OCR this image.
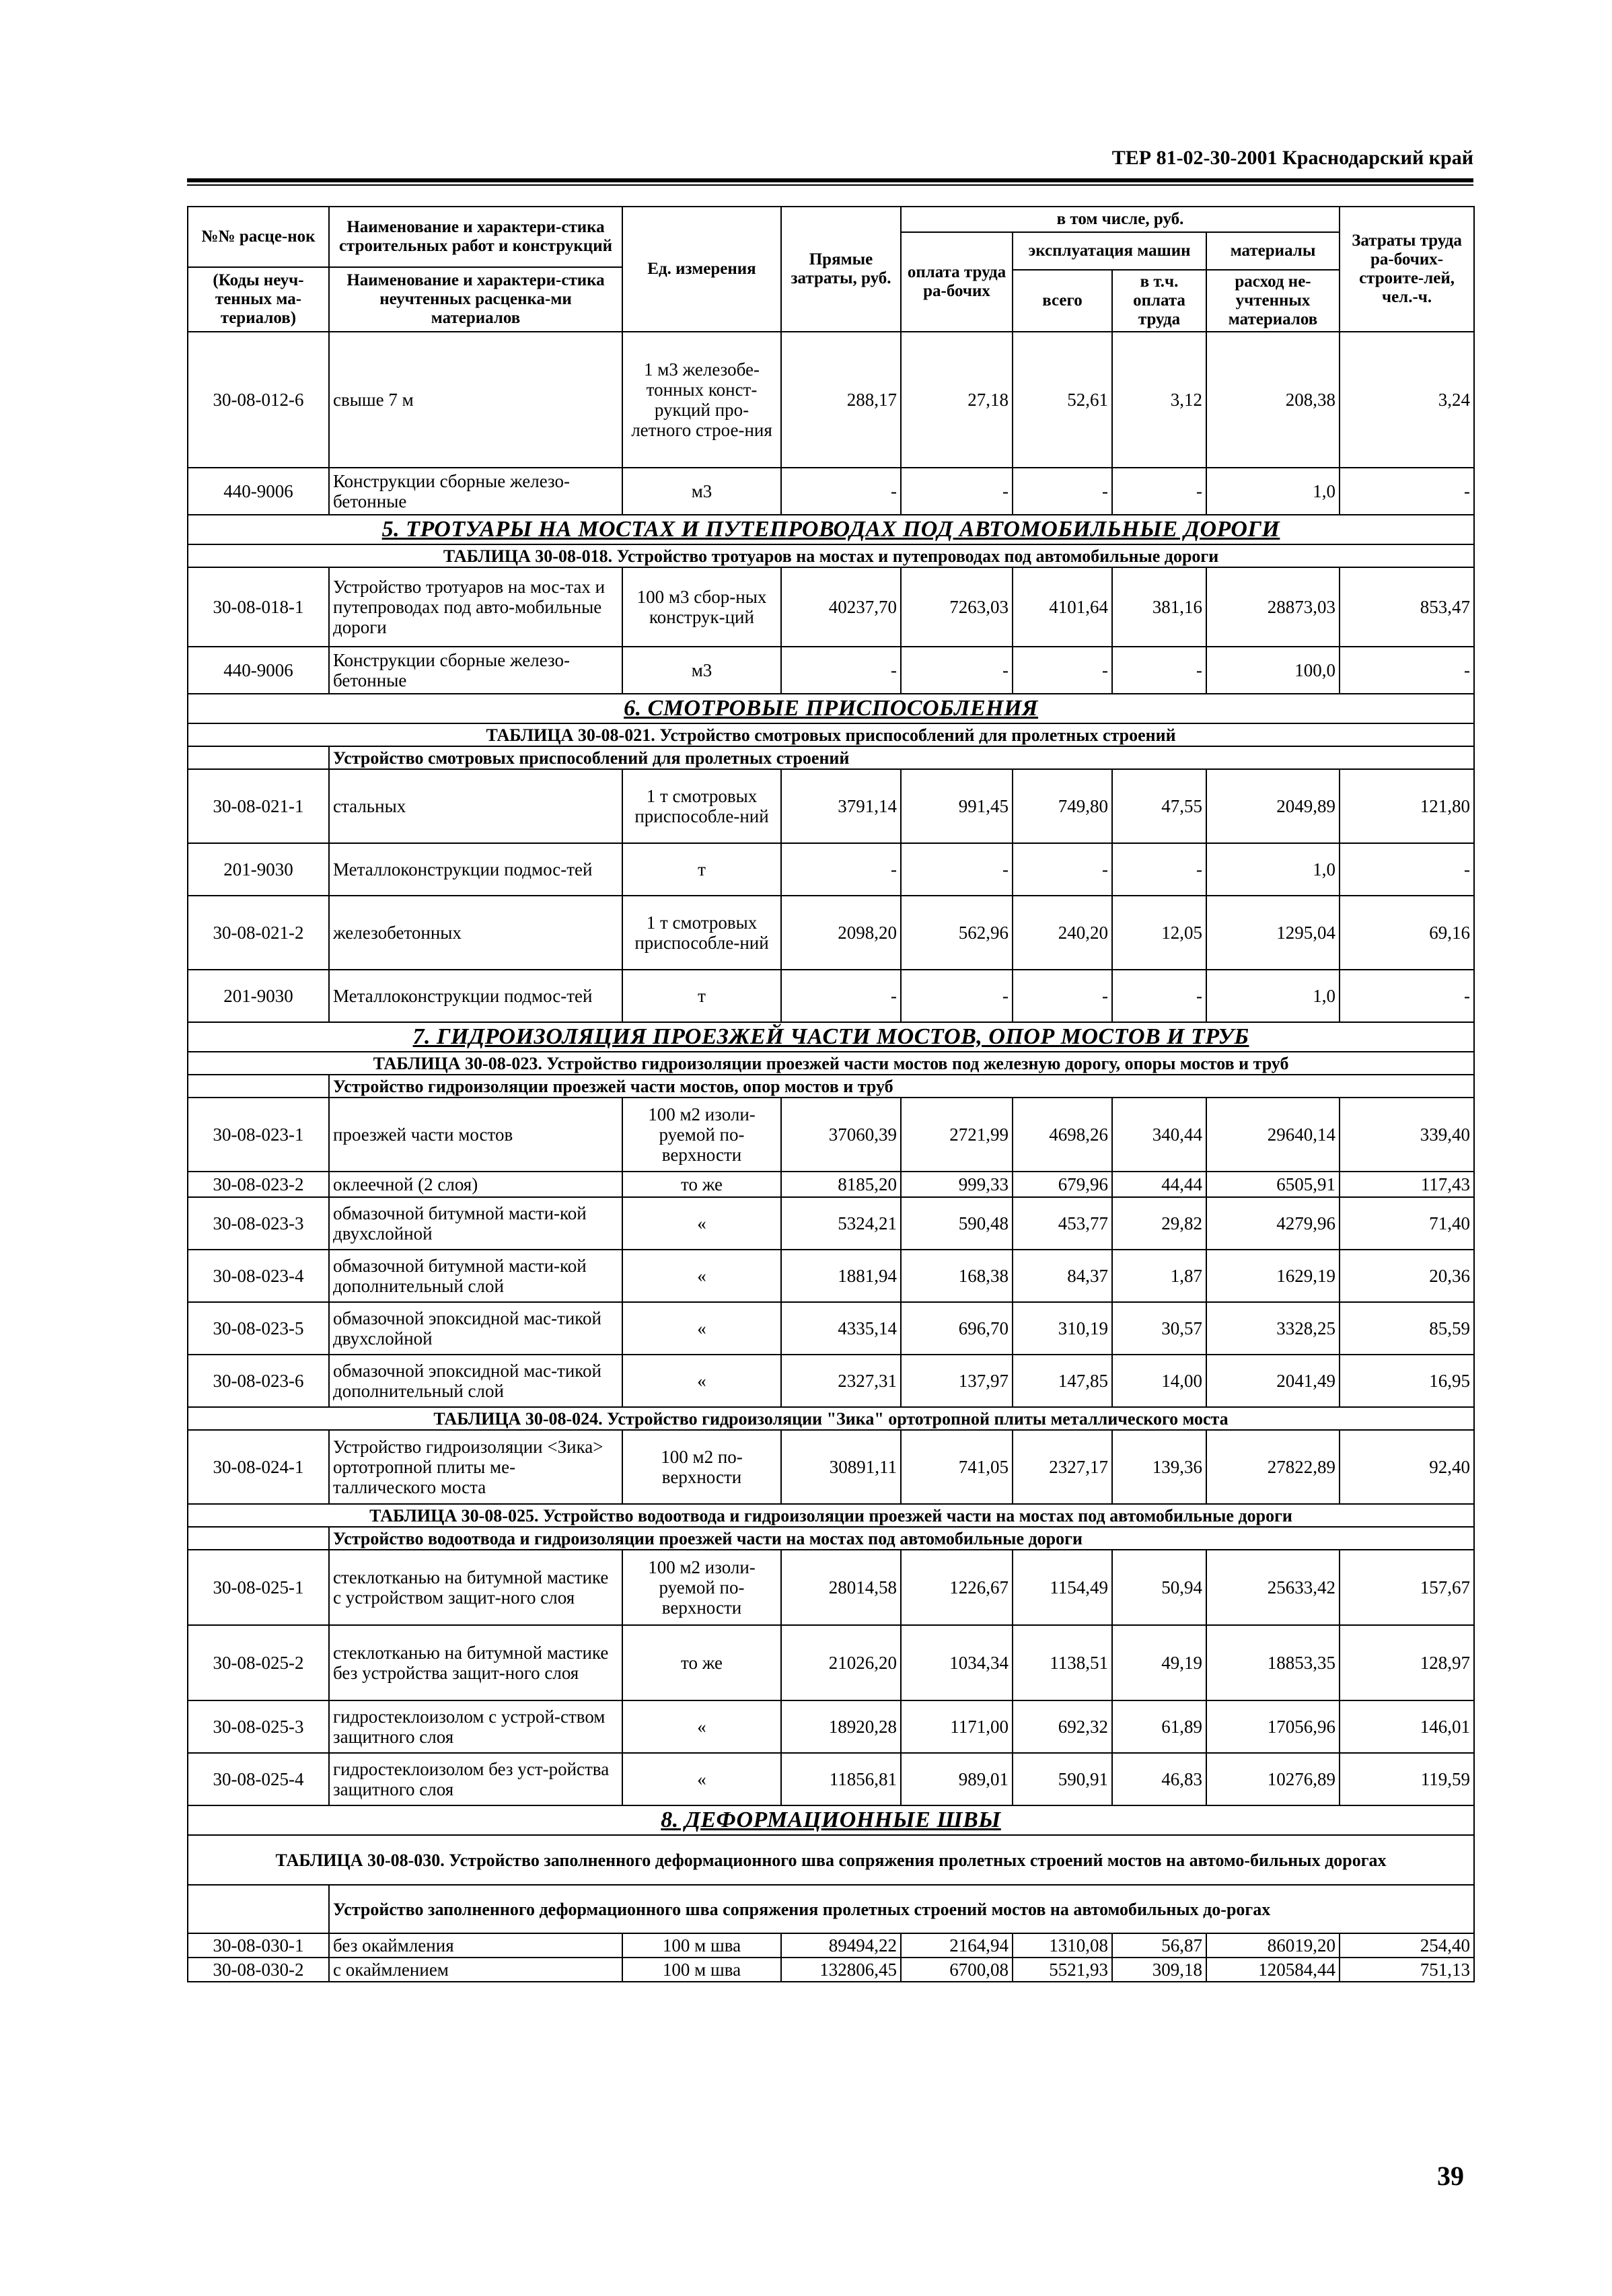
ТЕР 81-02-30-2001 Краснодарский край
№№ расце-нок	Наименование и характери-стика строительных работ и конструкций	Ед. измерения	Прямые затраты, руб.	в том числе, руб.				Затраты труда ра-бочих-строите-лей, чел.-ч.
				оплата труда ра-бочих	эксплуатация машин		материалы	
(Коды неуч-тенных ма-териалов)	Наименование и характери-стика неучтенных расценка-ми материалов							
					всего	в т.ч. оплата труда	расход не-учтенных материалов	
30-08-012-6	свыше 7 м	1 м3 железобе-тонных конст-рукций про-летного строе-ния	288,17	27,18	52,61	3,12	208,38	3,24
440-9006	Конструкции сборные железо-бетонные	м3	-	-	-	-	1,0	-
5. ТРОТУАРЫ НА МОСТАХ И ПУТЕПРОВОДАХ ПОД АВТОМОБИЛЬНЫЕ ДОРОГИ								
ТАБЛИЦА 30-08-018. Устройство тротуаров на мостах и путепроводах под автомобильные дороги								
30-08-018-1	Устройство тротуаров на мос-тах и путепроводах под авто-мобильные дороги	100 м3 сбор-ных конструк-ций	40237,70	7263,03	4101,64	381,16	28873,03	853,47
440-9006	Конструкции сборные железо-бетонные	м3	-	-	-	-	100,0	-
6. СМОТРОВЫЕ ПРИСПОСОБЛЕНИЯ								
ТАБЛИЦА 30-08-021. Устройство смотровых приспособлений для пролетных строений								
	Устройство смотровых приспособлений для пролетных строений							
30-08-021-1	стальных	1 т смотровых приспособле-ний	3791,14	991,45	749,80	47,55	2049,89	121,80
201-9030	Металлоконструкции подмос-тей	т	-	-	-	-	1,0	-
30-08-021-2	железобетонных	1 т смотровых приспособле-ний	2098,20	562,96	240,20	12,05	1295,04	69,16
201-9030	Металлоконструкции подмос-тей	т	-	-	-	-	1,0	-
7. ГИДРОИЗОЛЯЦИЯ ПРОЕЗЖЕЙ ЧАСТИ МОСТОВ, ОПОР МОСТОВ И ТРУБ								
ТАБЛИЦА 30-08-023. Устройство гидроизоляции проезжей части мостов под железную дорогу, опоры мостов и труб								
	Устройство гидроизоляции проезжей части мостов, опор мостов и труб							
30-08-023-1	проезжей части мостов	100 м2 изоли-руемой по-верхности	37060,39	2721,99	4698,26	340,44	29640,14	339,40
30-08-023-2	оклеечной (2 слоя)	то же	8185,20	999,33	679,96	44,44	6505,91	117,43
30-08-023-3	обмазочной битумной масти-кой двухслойной	«	5324,21	590,48	453,77	29,82	4279,96	71,40
30-08-023-4	обмазочной битумной масти-кой дополнительный слой	«	1881,94	168,38	84,37	1,87	1629,19	20,36
30-08-023-5	обмазочной эпоксидной мас-тикой двухслойной	«	4335,14	696,70	310,19	30,57	3328,25	85,59
30-08-023-6	обмазочной эпоксидной мас-тикой дополнительный слой	«	2327,31	137,97	147,85	14,00	2041,49	16,95
ТАБЛИЦА 30-08-024. Устройство гидроизоляции "Зика" ортотропной плиты металлического моста								
30-08-024-1	Устройство гидроизоляции <Зика> ортотропной плиты ме-таллического моста	100 м2 по-верхности	30891,11	741,05	2327,17	139,36	27822,89	92,40
ТАБЛИЦА 30-08-025. Устройство водоотвода и гидроизоляции проезжей части на мостах под автомобильные дороги								
	Устройство водоотвода и гидроизоляции проезжей части на мостах под автомобильные дороги							
30-08-025-1	стеклотканью на битумной мастике с устройством защит-ного слоя	100 м2 изоли-руемой по-верхности	28014,58	1226,67	1154,49	50,94	25633,42	157,67
30-08-025-2	стеклотканью на битумной мастике без устройства защит-ного слоя	то же	21026,20	1034,34	1138,51	49,19	18853,35	128,97
30-08-025-3	гидростеклоизолом с устрой-ством защитного слоя	«	18920,28	1171,00	692,32	61,89	17056,96	146,01
30-08-025-4	гидростеклоизолом без уст-ройства защитного слоя	«	11856,81	989,01	590,91	46,83	10276,89	119,59
8. ДЕФОРМАЦИОННЫЕ ШВЫ								
ТАБЛИЦА 30-08-030. Устройство заполненного деформационного шва сопряжения пролетных строений мостов на автомо-бильных дорогах								
	Устройство заполненного деформационного шва сопряжения пролетных строений мостов на автомобильных до-рогах							
30-08-030-1	без окаймления	100 м шва	89494,22	2164,94	1310,08	56,87	86019,20	254,40
30-08-030-2	с окаймлением	100 м шва	132806,45	6700,08	5521,93	309,18	120584,44	751,13
39
